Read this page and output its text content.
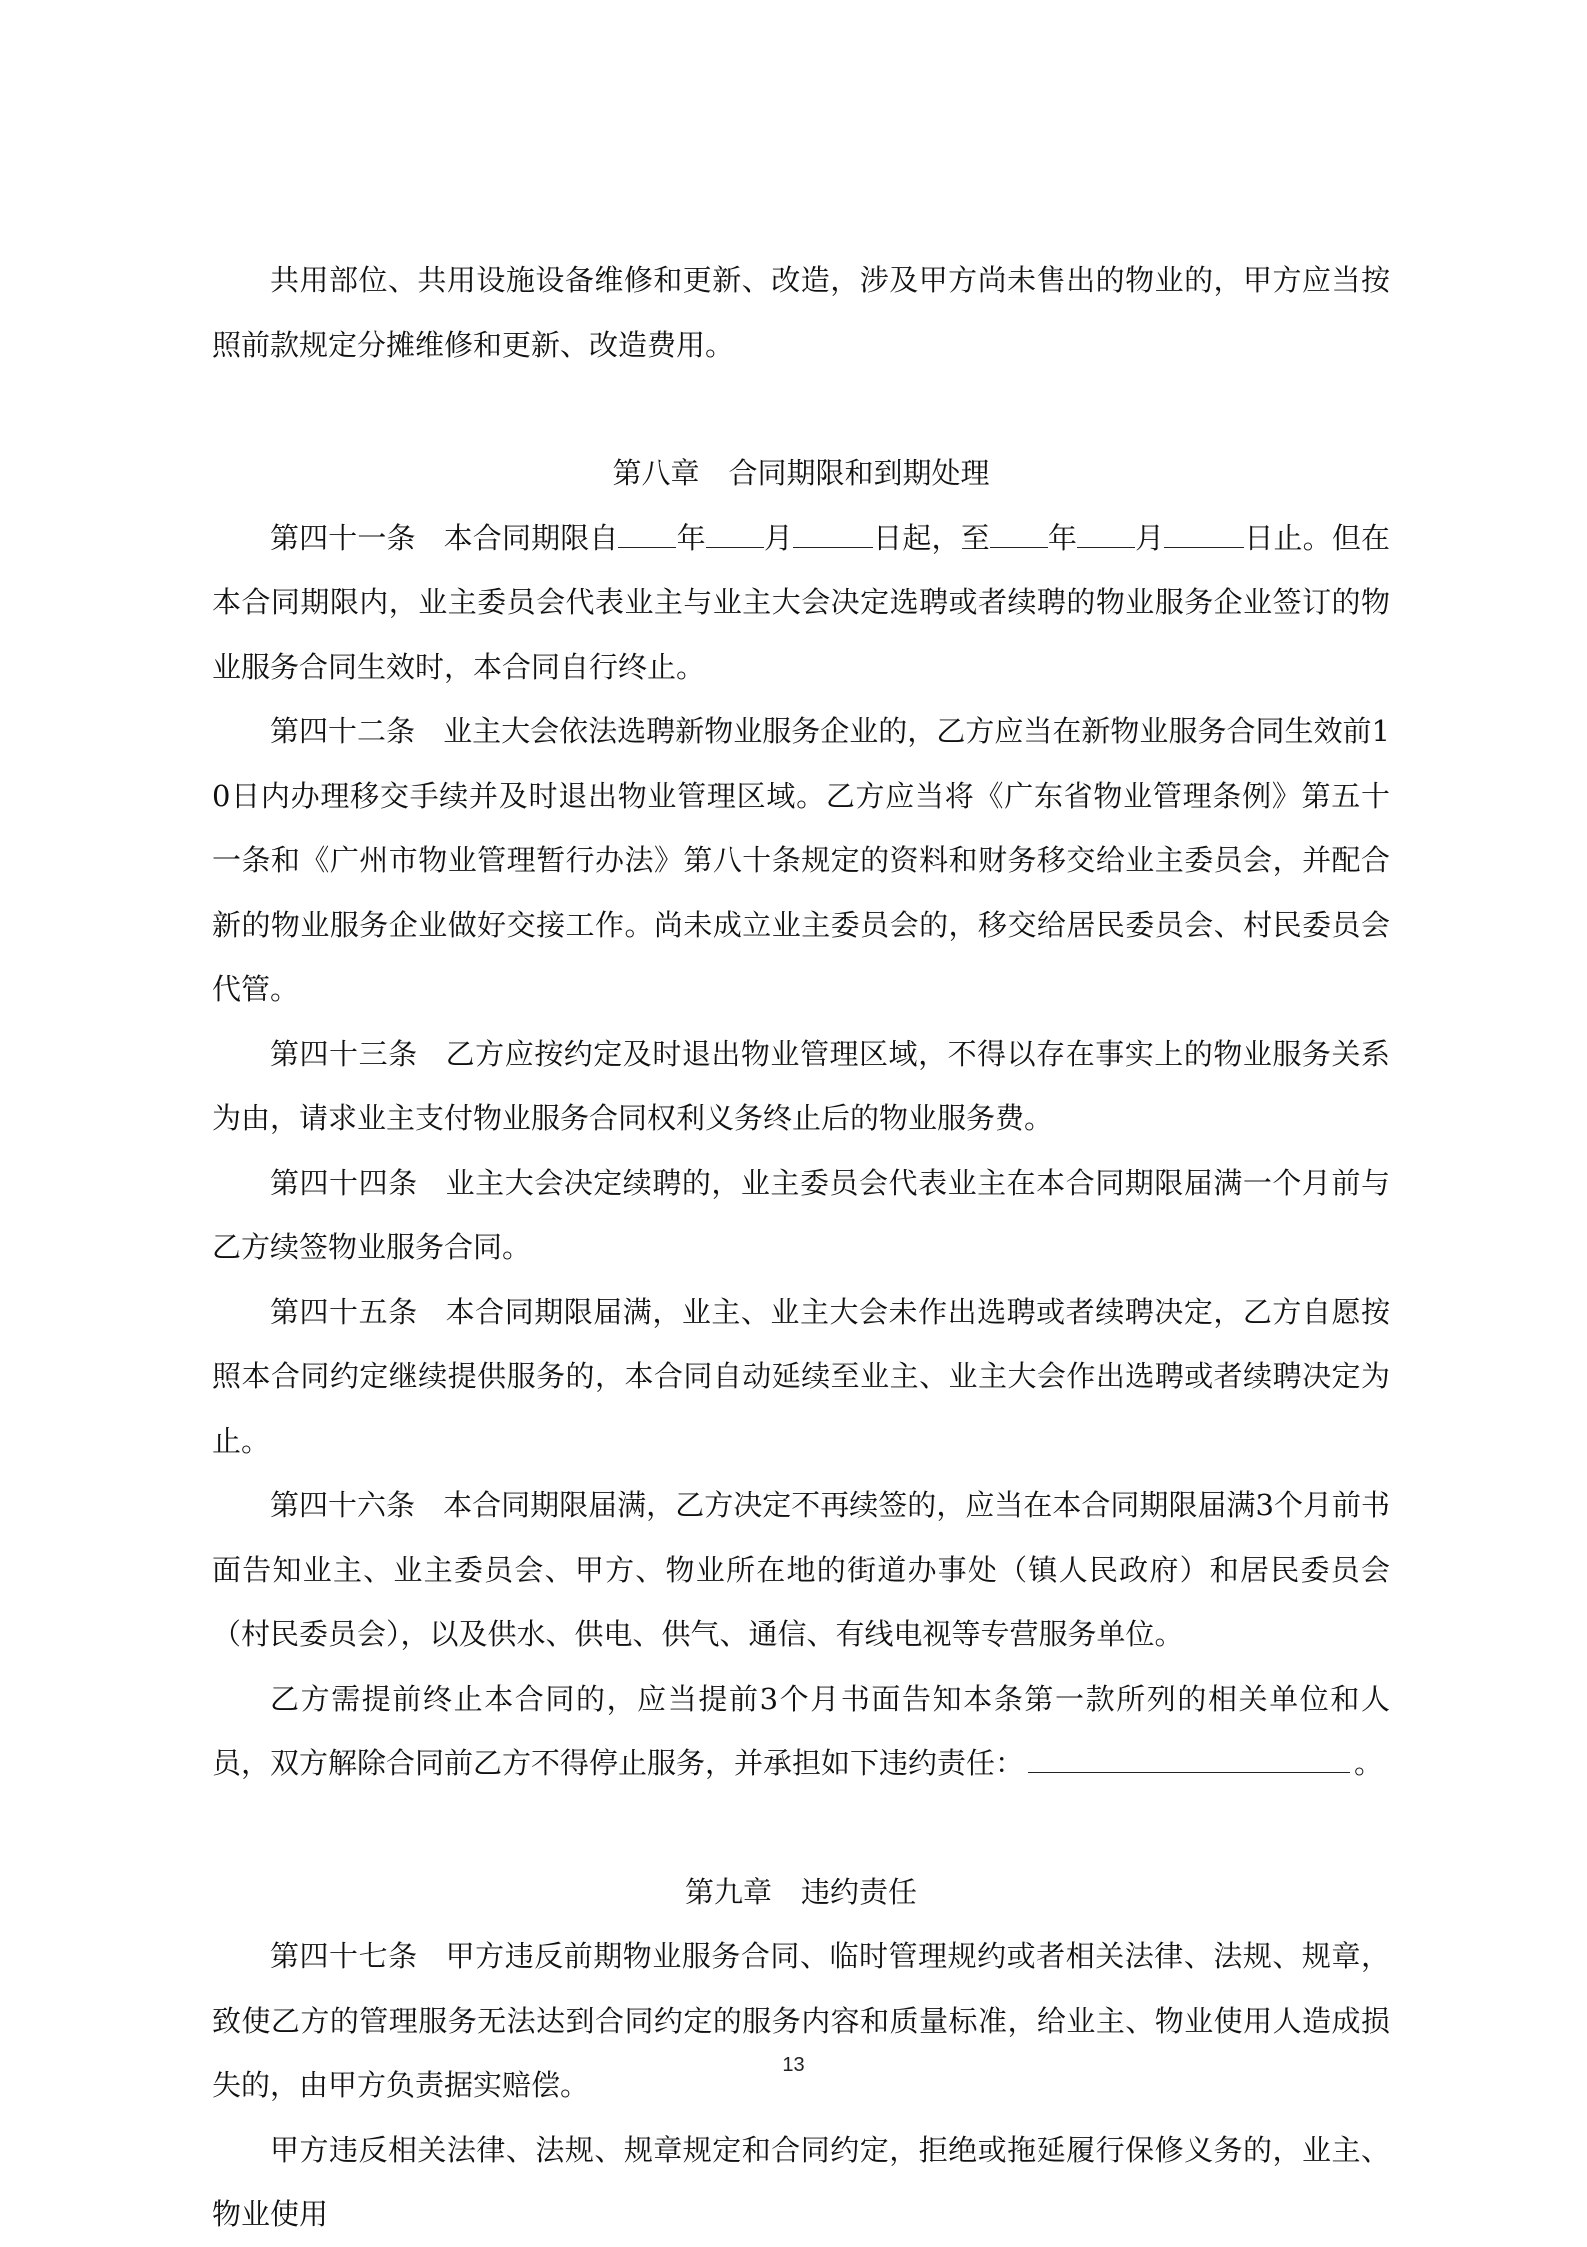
共用部位、共用设施设备维修和更新、改造，涉及甲方尚未售出的物业的，甲方应当按照前款规定分摊维修和更新、改造费用。

第八章　合同期限和到期处理

第四十一条 本合同期限自 年 月	日起，至 年 月	日止。但在本合同期限内，业主委员会代表业主与业主大会决定选聘或者续聘的物业服务企业签订的物业服务合同生效时，本合同自行终止。

第四十二条 业主大会依法选聘新物业服务企业的，乙方应当在新物业服务合同生效前10日内办理移交手续并及时退出物业管理区域。乙方应当将《广东省物业管理条例》第五十一条和《广州市物业管理暂行办法》第八十条规定的资料和财务移交给业主委员会，并配合新的物业服务企业做好交接工作。尚未成立业主委员会的，移交给居民委员会、村民委员会代管。

第四十三条 乙方应按约定及时退出物业管理区域，不得以存在事实上的物业服务关系为由，请求业主支付物业服务合同权利义务终止后的物业服务费。

第四十四条 业主大会决定续聘的，业主委员会代表业主在本合同期限届满一个月前与乙方续签物业服务合同。

第四十五条 本合同期限届满，业主、业主大会未作出选聘或者续聘决定，乙方自愿按照本合同约定继续提供服务的，本合同自动延续至业主、业主大会作出选聘或者续聘决定为止。

第四十六条 本合同期限届满，乙方决定不再续签的，应当在本合同期限届满3个月前书面告知业主、业主委员会、甲方、物业所在地的街道办事处（镇人民政府）和居民委员会（村民委员会），以及供水、供电、供气、通信、有线电视等专营服务单位。

乙方需提前终止本合同的，应当提前3个月书面告知本条第一款所列的相关单位和人员，双方解除合同前乙方不得停止服务，并承担如下违约责任：	。

第九章　违约责任

第四十七条 甲方违反前期物业服务合同、临时管理规约或者相关法律、法规、规章，致使乙方的管理服务无法达到合同约定的服务内容和质量标准，给业主、物业使用人造成损失的，由甲方负责据实赔偿。

甲方违反相关法律、法规、规章规定和合同约定，拒绝或拖延履行保修义务的，业主、物业使用

13
